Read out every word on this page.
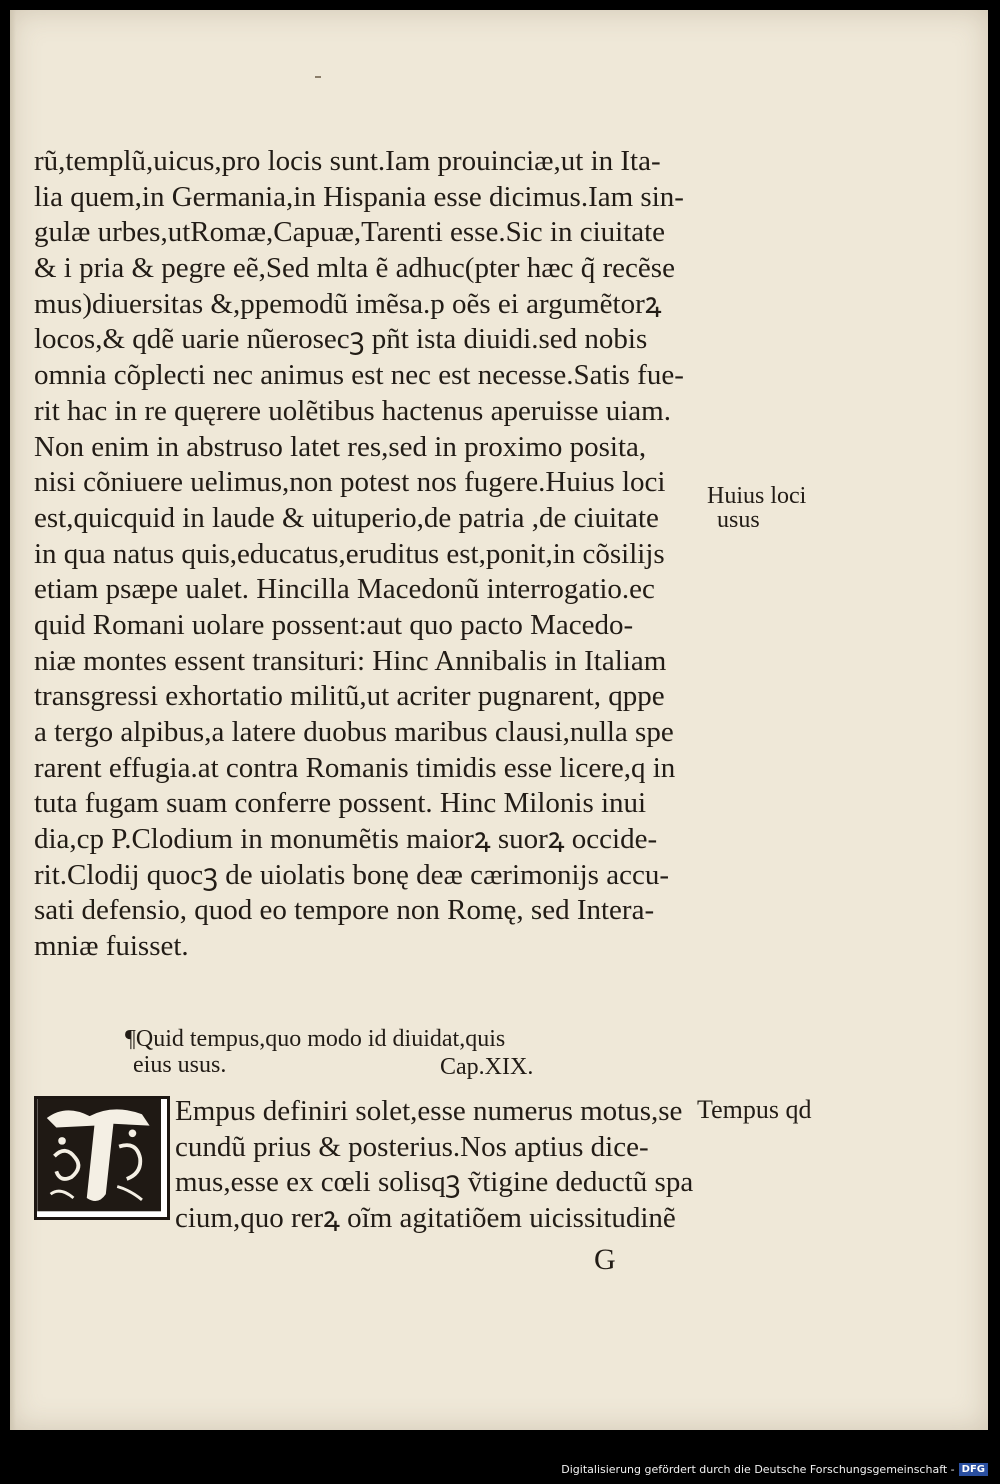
rũ,templũ,uicus,pro locis sunt.Iam prouinciæ,ut in Ita-
lia quem,in Germania,in Hispania esse dicimus.Iam sin-
gulæ urbes,utRomæ,Capuæ,Tarenti esse.Sic in ciuitate
& i pria & pegre eẽ,Sed mlta ẽ adhuc(pter hæc q̃ recẽse
mus)diuersitas &,ppemodũ imẽsa.p oẽs ei argumẽtorꝝ
locos,& qdẽ uarie nũerosecꝫ pñt ista diuidi.sed nobis
omnia cõplecti nec animus est nec est necesse.Satis fue-
rit hac in re quęrere uolẽtibus hactenus aperuisse uiam.
Non enim in abstruso latet res,sed in proximo posita,
nisi cõniuere uelimus,non potest nos fugere.Huius loci
est,quicquid in laude & uituperio,de patria ,de ciuitate
in qua natus quis,educatus,eruditus est,ponit,in cõsilijs
etiam psæpe ualet. Hincilla Macedonũ interrogatio.ec
quid Romani uolare possent:aut quo pacto Macedo-
niæ montes essent transituri: Hinc Annibalis in Italiam
transgressi exhortatio militũ,ut acriter pugnarent, qppe
a tergo alpibus,a latere duobus maribus clausi,nulla spe
rarent effugia.at contra Romanis timidis esse licere,q in
tuta fugam suam conferre possent. Hinc Milonis inui
dia,cp P.Clodium in monumẽtis maiorꝝ suorꝝ occide-
rit.Clodij quocꝫ de uiolatis bonę deæ cærimonijs accu-
sati defensio, quod eo tempore non Romę, sed Intera-
mniæ fuisset.
Huius loci
usus
¶Quid tempus,quo modo id diuidat,quis
eius usus.	Cap.XIX.
Empus definiri solet,esse numerus motus,se
cundũ prius & posterius.Nos aptius dice-
mus,esse ex cœli solisqꝫ ṽtigine deductũ spa
cium,quo rerꝝ oĩm agitatiõem uicissitudinẽ
Tempus qd
G
Digitalisierung gefördert durch die Deutsche Forschungsgemeinschaft - DFG
